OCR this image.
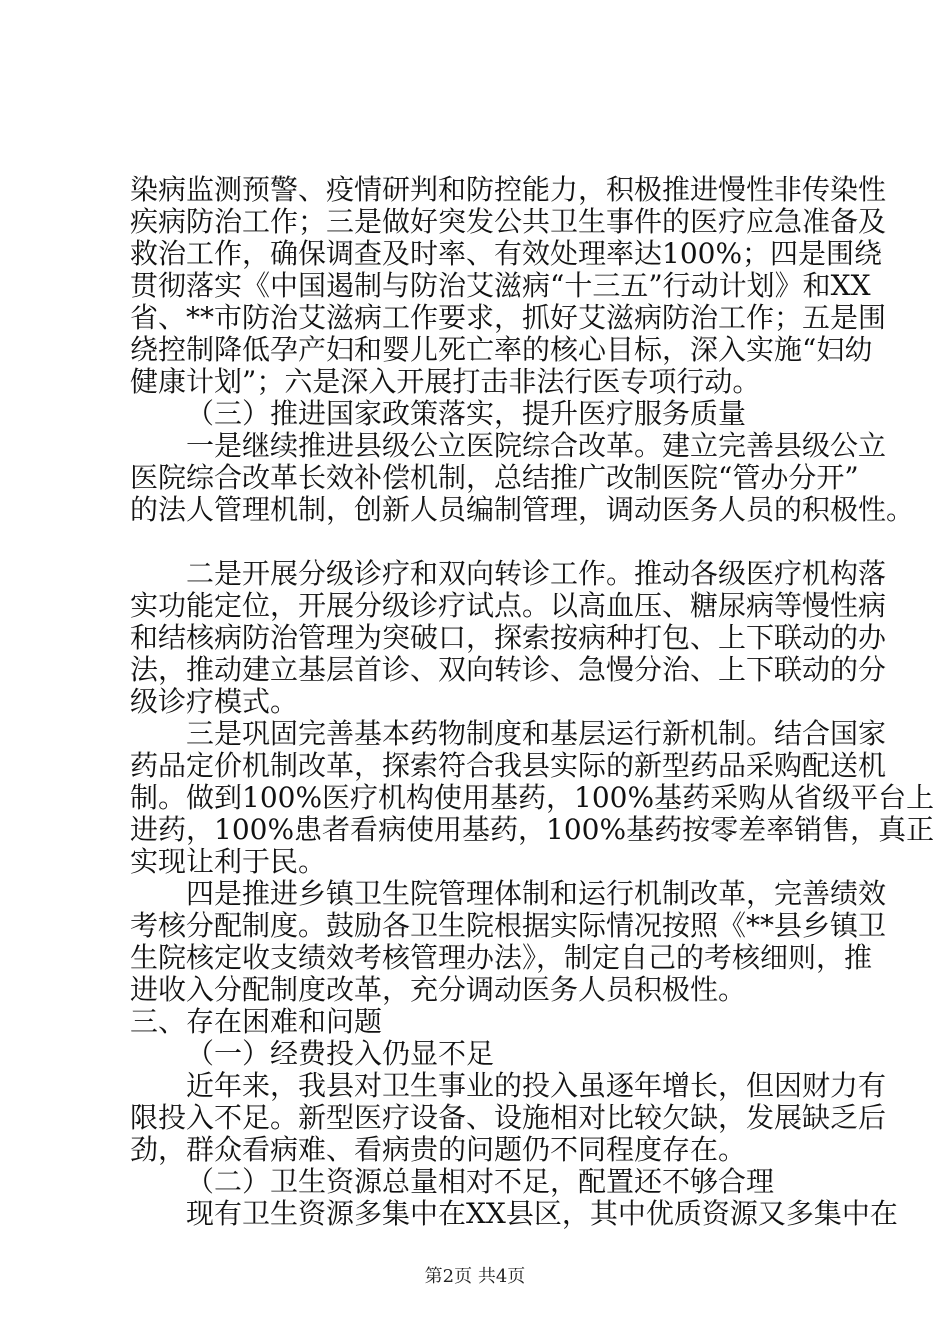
染病监测预警、疫情研判和防控能力，积极推进慢性非传染性
疾病防治工作；三是做好突发公共卫生事件的医疗应急准备及
救治工作，确保调查及时率、有效处理率达100%；四是围绕
贯彻落实《中国遏制与防治艾滋病“十三五”行动计划》和XX
省、**市防治艾滋病工作要求，抓好艾滋病防治工作；五是围
绕控制降低孕产妇和婴儿死亡率的核心目标，深入实施“妇幼
健康计划”；六是深入开展打击非法行医专项行动。
（三）推进国家政策落实，提升医疗服务质量
一是继续推进县级公立医院综合改革。建立完善县级公立
医院综合改革长效补偿机制，总结推广改制医院“管办分开”
的法人管理机制，创新人员编制管理，调动医务人员的积极性。
二是开展分级诊疗和双向转诊工作。推动各级医疗机构落
实功能定位，开展分级诊疗试点。以高血压、糖尿病等慢性病
和结核病防治管理为突破口，探索按病种打包、上下联动的办
法，推动建立基层首诊、双向转诊、急慢分治、上下联动的分
级诊疗模式。
三是巩固完善基本药物制度和基层运行新机制。结合国家
药品定价机制改革，探索符合我县实际的新型药品采购配送机
制。做到100%医疗机构使用基药，100%基药采购从省级平台上
进药，100%患者看病使用基药，100%基药按零差率销售，真正
实现让利于民。
四是推进乡镇卫生院管理体制和运行机制改革，完善绩效
考核分配制度。鼓励各卫生院根据实际情况按照《**县乡镇卫
生院核定收支绩效考核管理办法》，制定自己的考核细则，推
进收入分配制度改革，充分调动医务人员积极性。
三、存在困难和问题
（一）经费投入仍显不足
近年来，我县对卫生事业的投入虽逐年增长，但因财力有
限投入不足。新型医疗设备、设施相对比较欠缺，发展缺乏后
劲，群众看病难、看病贵的问题仍不同程度存在。
（二）卫生资源总量相对不足，配置还不够合理
现有卫生资源多集中在XX县区，其中优质资源又多集中在
第2页 共4页
